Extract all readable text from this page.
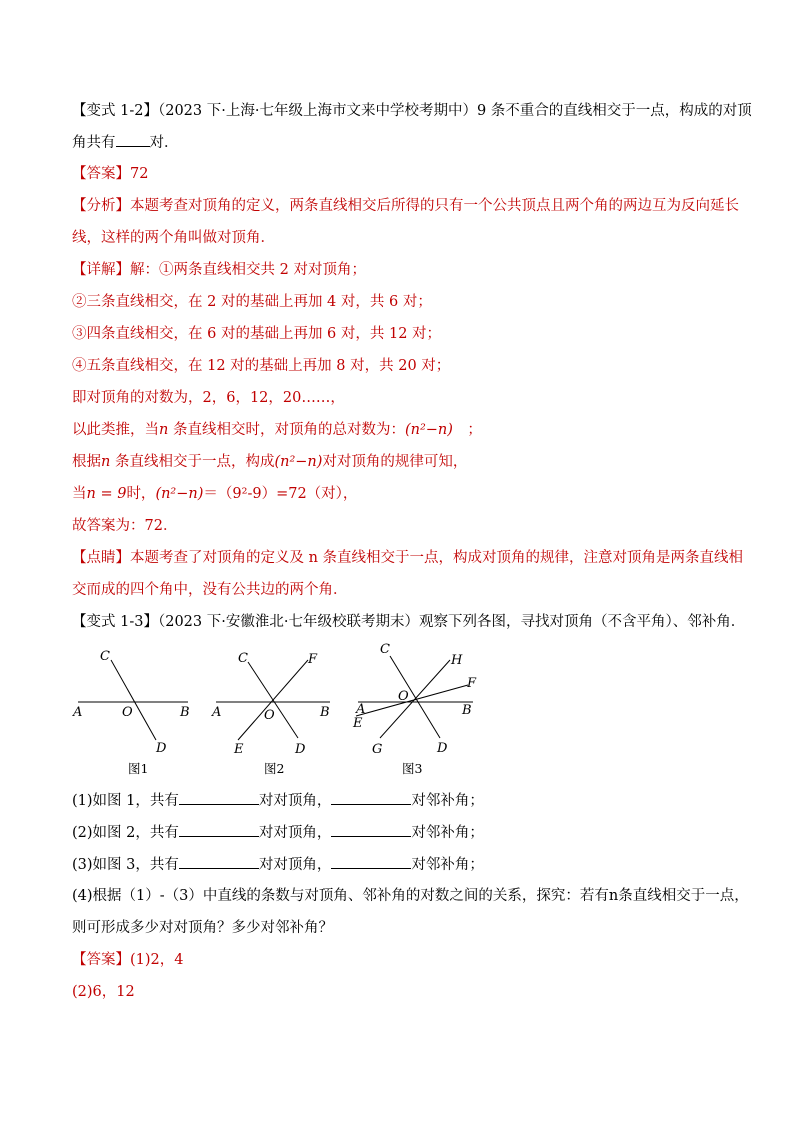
【变式 1-2】（2023 下·上海·七年级上海市文来中学校考期中）9 条不重合的直线相交于一点，构成的对顶
角共有 对．
【答案】72
【分析】本题考查对顶角的定义，两条直线相交后所得的只有一个公共顶点且两个角的两边互为反向延长
线，这样的两个角叫做对顶角．
【详解】解：①两条直线相交共 2 对对顶角；
②三条直线相交，在 2 对的基础上再加 4 对，共 6 对；
③四条直线相交，在 6 对的基础上再加 6 对，共 12 对；
④五条直线相交，在 12 对的基础上再加 8 对，共 20 对；
即对顶角的对数为，2，6，12，20……，
以此类推，当n 条直线相交时，对顶角的总对数为：(n²−n)　；
根据n 条直线相交于一点，构成(n²−n)对对顶角的规律可知，
当n = 9时，(n²−n)＝（9²-9）=72（对），
故答案为：72．
【点睛】本题考查了对顶角的定义及 n 条直线相交于一点，构成对顶角的规律，注意对顶角是两条直线相
交而成的四个角中，没有公共边的两个角．
【变式 1-3】（2023 下·安徽淮北·七年级校联考期末）观察下列各图，寻找对顶角（不含平角）、邻补角．
C
A	O	B
D
图1
C	F
A	O	B
E	D
图2
C
H
F
O
A	B
E
G	D
图3
(1)如图 1，共有	对对顶角，	对邻补角；
(2)如图 2，共有	对对顶角，	对邻补角；
(3)如图 3，共有	对对顶角，	对邻补角；
(4)根据（1）-（3）中直线的条数与对顶角、邻补角的对数之间的关系，探究：若有n条直线相交于一点，
则可形成多少对对顶角？多少对邻补角？
【答案】(1)2，4
(2)6，12
